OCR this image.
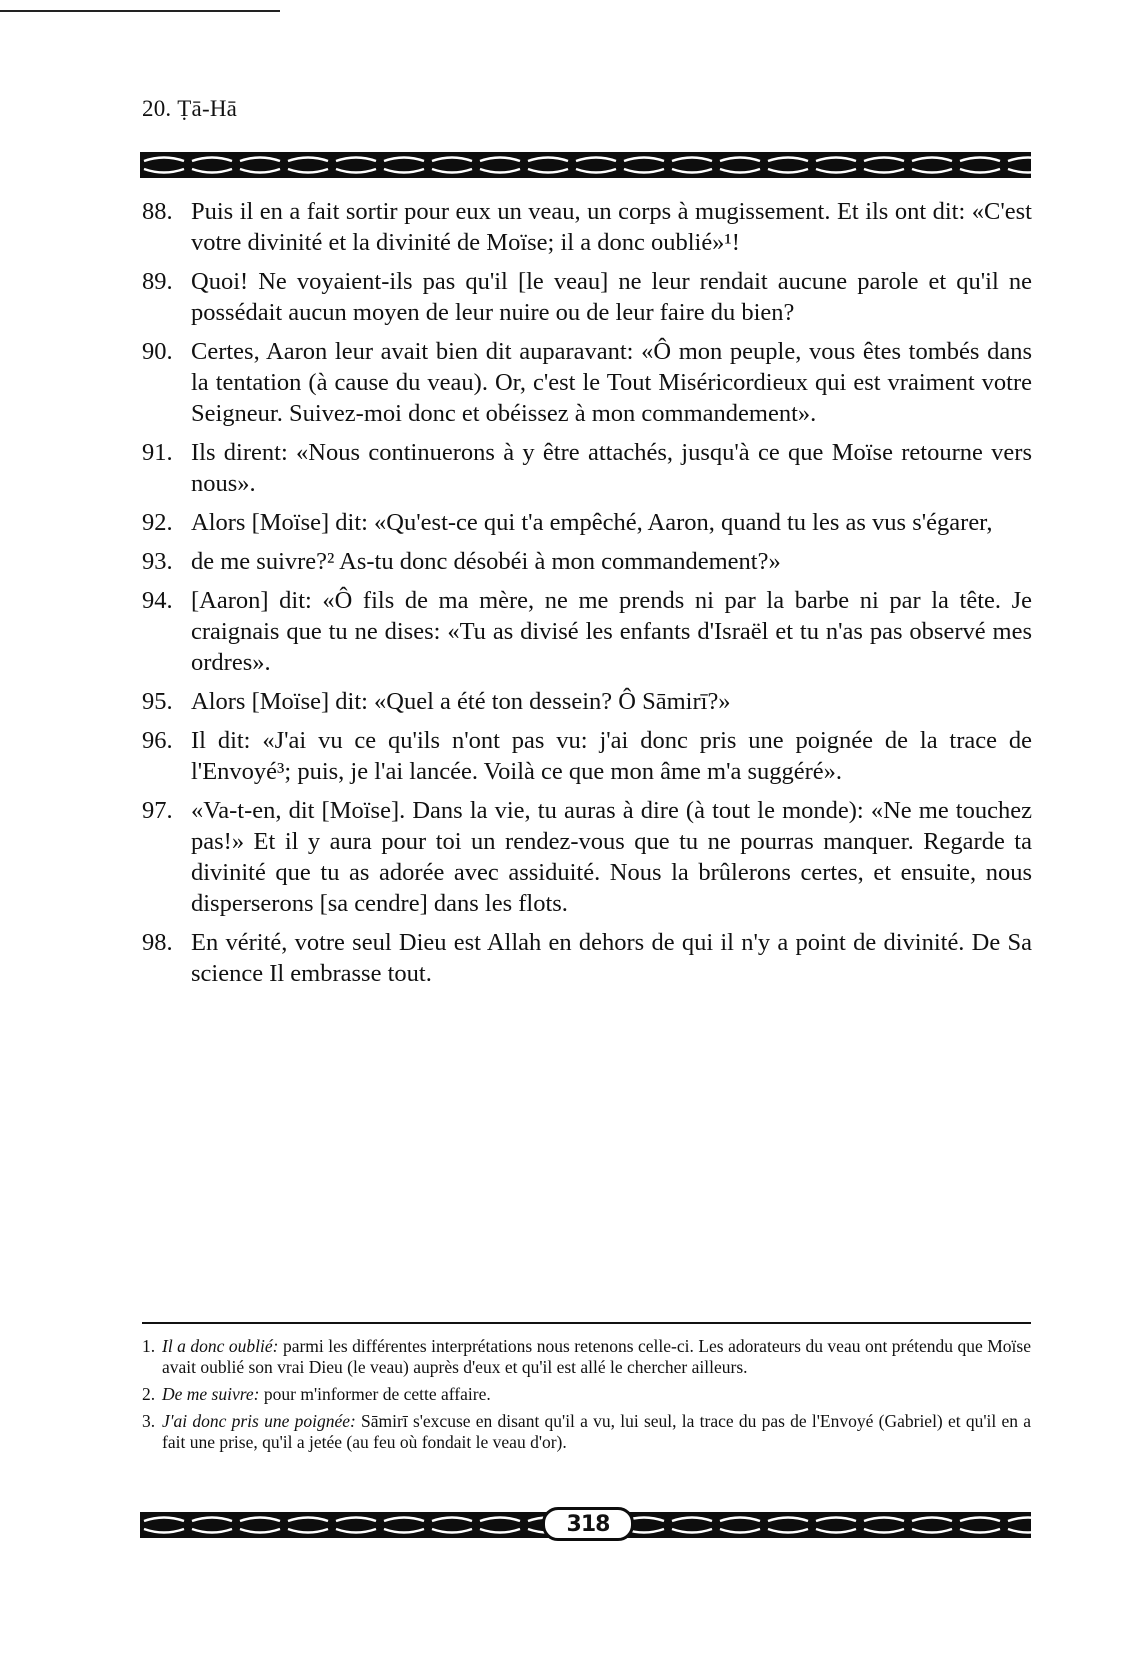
20. Ṭā-Hā
88. Puis il en a fait sortir pour eux un veau, un corps à mugissement. Et ils ont dit: «C'est votre divinité et la divinité de Moïse; il a donc oublié»¹!
89. Quoi! Ne voyaient-ils pas qu'il [le veau] ne leur rendait aucune parole et qu'il ne possédait aucun moyen de leur nuire ou de leur faire du bien?
90. Certes, Aaron leur avait bien dit auparavant: «Ô mon peuple, vous êtes tombés dans la tentation (à cause du veau). Or, c'est le Tout Miséricordieux qui est vraiment votre Seigneur. Suivez-moi donc et obéissez à mon commandement».
91. Ils dirent: «Nous continuerons à y être attachés, jusqu'à ce que Moïse retourne vers nous».
92. Alors [Moïse] dit: «Qu'est-ce qui t'a empêché, Aaron, quand tu les as vus s'égarer,
93. de me suivre?² As-tu donc désobéi à mon commandement?»
94. [Aaron] dit: «Ô fils de ma mère, ne me prends ni par la barbe ni par la tête. Je craignais que tu ne dises: «Tu as divisé les enfants d'Israël et tu n'as pas observé mes ordres».
95. Alors [Moïse] dit: «Quel a été ton dessein? Ô Sāmirī?»
96. Il dit: «J'ai vu ce qu'ils n'ont pas vu: j'ai donc pris une poignée de la trace de l'Envoyé³; puis, je l'ai lancée. Voilà ce que mon âme m'a suggéré».
97. «Va-t-en, dit [Moïse]. Dans la vie, tu auras à dire (à tout le monde): «Ne me touchez pas!» Et il y aura pour toi un rendez-vous que tu ne pourras manquer. Regarde ta divinité que tu as adorée avec assiduité. Nous la brûlerons certes, et ensuite, nous disperserons [sa cendre] dans les flots.
98. En vérité, votre seul Dieu est Allah en dehors de qui il n'y a point de divinité. De Sa science Il embrasse tout.
1. Il a donc oublié: parmi les différentes interprétations nous retenons celle-ci. Les adorateurs du veau ont prétendu que Moïse avait oublié son vrai Dieu (le veau) auprès d'eux et qu'il est allé le chercher ailleurs.
2. De me suivre: pour m'informer de cette affaire.
3. J'ai donc pris une poignée: Sāmirī s'excuse en disant qu'il a vu, lui seul, la trace du pas de l'Envoyé (Gabriel) et qu'il en a fait une prise, qu'il a jetée (au feu où fondait le veau d'or).
318
